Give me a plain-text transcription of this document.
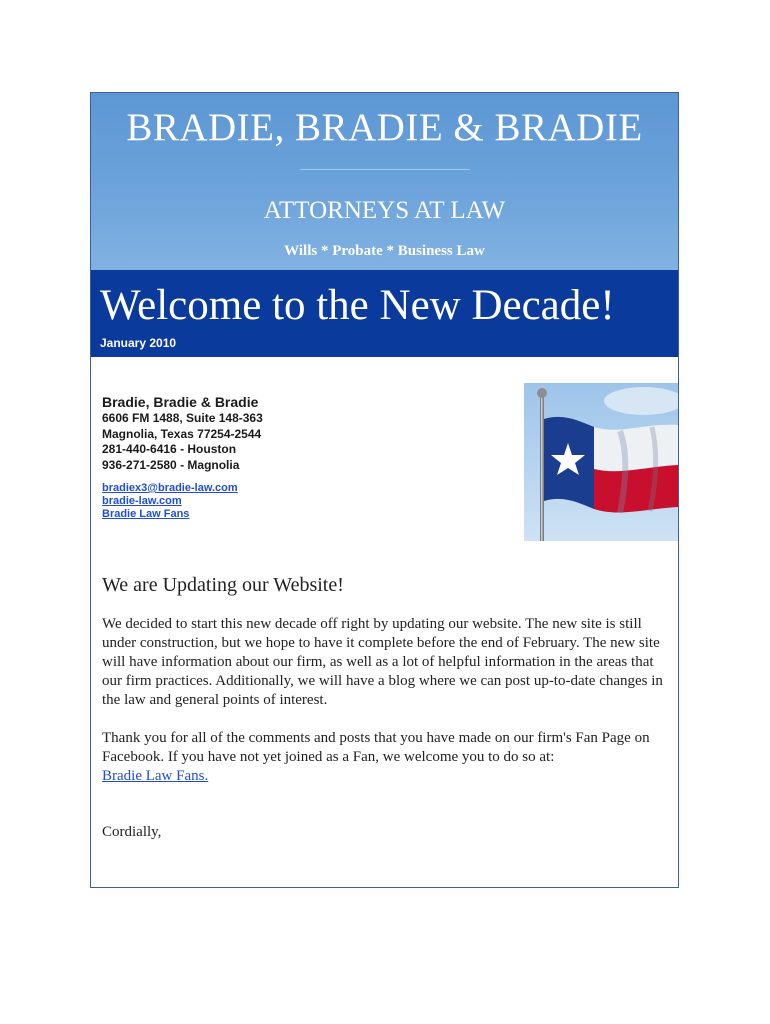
BRADIE, BRADIE & BRADIE
ATTORNEYS AT LAW
Wills * Probate * Business Law
Welcome to the New Decade!
January 2010
Bradie, Bradie & Bradie
6606 FM 1488, Suite 148-363
Magnolia, Texas 77254-2544
281-440-6416 - Houston
936-271-2580 - Magnolia
bradiex3@bradie-law.com
bradie-law.com
Bradie Law Fans
We are Updating our Website!

We decided to start this new decade off right by updating our website. The new site is still under construction, but we hope to have it complete before the end of February. The new site will have information about our firm, as well as a lot of helpful information in the areas that our firm practices. Additionally, we will have a blog where we can post up-to-date changes in the law and general points of interest.

Thank you for all of the comments and posts that you have made on our firm's Fan Page on Facebook. If you have not yet joined as a Fan, we welcome you to do so at:
Bradie Law Fans.

Cordially,
